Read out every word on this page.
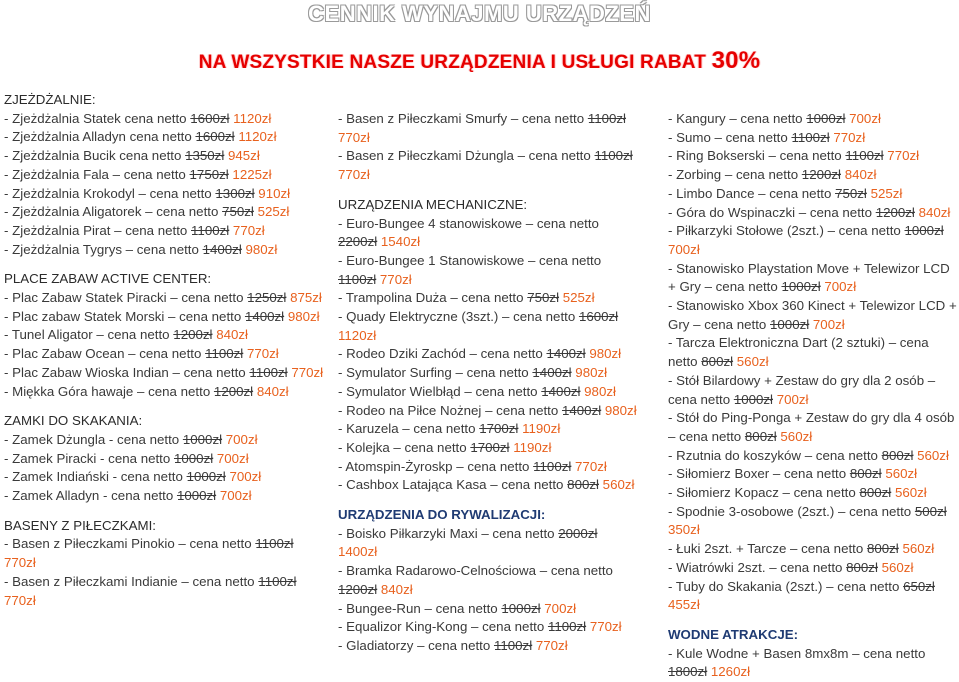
CENNIK WYNAJMU URZĄDZEŃ
NA WSZYSTKIE NASZE URZĄDZENIA I USŁUGI RABAT 30%
ZJEŻDŻALNIE:
- Zjeżdżalnia Statek cena netto 1600zł 1120zł
- Zjeżdżalnia Alladyn cena netto 1600zł 1120zł
- Zjeżdżalnia Bucik cena netto 1350zł 945zł
- Zjeżdżalnia Fala – cena netto 1750zł 1225zł
- Zjeżdżalnia Krokodyl – cena netto 1300zł 910zł
- Zjeżdżalnia Aligatorek – cena netto 750zł 525zł
- Zjeżdżalnia Pirat – cena netto 1100zł 770zł
- Zjeżdżalnia Tygrys – cena netto 1400zł 980zł
PLACE ZABAW ACTIVE CENTER:
- Plac Zabaw Statek Piracki – cena netto 1250zł 875zł
- Plac zabaw Statek Morski – cena netto 1400zł 980zł
- Tunel Aligator – cena netto 1200zł 840zł
- Plac Zabaw Ocean – cena netto 1100zł 770zł
- Plac Zabaw Wioska Indian – cena netto 1100zł 770zł
- Miękka Góra hawaje – cena netto 1200zł 840zł
ZAMKI DO SKAKANIA:
- Zamek Dżungla - cena netto 1000zł 700zł
- Zamek Piracki - cena netto 1000zł 700zł
- Zamek Indiański - cena netto 1000zł 700zł
- Zamek Alladyn - cena netto 1000zł 700zł
BASENY Z PIŁECZKAMI:
- Basen z Piłeczkami Pinokio – cena netto 1100zł 770zł
- Basen z Piłeczkami Indianie – cena netto 1100zł 770zł
- Basen z Piłeczkami Smurfy – cena netto 1100zł 770zł
- Basen z Piłeczkami Dżungla – cena netto 1100zł 770zł
URZĄDZENIA MECHANICZNE:
- Euro-Bungee 4 stanowiskowe – cena netto 2200zł 1540zł
- Euro-Bungee 1 Stanowiskowe – cena netto 1100zł 770zł
- Trampolina Duża – cena netto 750zł 525zł
- Quady Elektryczne (3szt.) – cena netto 1600zł 1120zł
- Rodeo Dziki Zachód – cena netto 1400zł 980zł
- Symulator Surfing – cena netto 1400zł 980zł
- Symulator Wielbłąd – cena netto 1400zł 980zł
- Rodeo na Piłce Nożnej – cena netto 1400zł 980zł
- Karuzela – cena netto 1700zł 1190zł
- Kolejka – cena netto 1700zł 1190zł
- Atomspin-Żyroskp – cena netto 1100zł 770zł
- Cashbox Latająca Kasa – cena netto 800zł 560zł
URZĄDZENIA DO RYWALIZACJI:
- Boisko Piłkarzyki Maxi – cena netto 2000zł 1400zł
- Bramka Radarowo-Celnościowa – cena netto 1200zł 840zł
- Bungee-Run – cena netto 1000zł 700zł
- Equalizor King-Kong – cena netto 1100zł 770zł
- Gladiatorzy – cena netto 1100zł 770zł
- Kangury – cena netto 1000zł 700zł
- Sumo – cena netto 1100zł 770zł
- Ring Bokserski – cena netto 1100zł 770zł
- Zorbing – cena netto 1200zł 840zł
- Limbo Dance – cena netto 750zł 525zł
- Góra do Wspinaczki – cena netto 1200zł 840zł
- Piłkarzyki Stołowe (2szt.) – cena netto 1000zł 700zł
- Stanowisko Playstation Move + Telewizor LCD + Gry – cena netto 1000zł 700zł
- Stanowisko Xbox 360 Kinect + Telewizor LCD + Gry – cena netto 1000zł 700zł
- Tarcza Elektroniczna Dart (2 sztuki) – cena netto 800zł 560zł
- Stół Bilardowy + Zestaw do gry dla 2 osób – cena netto 1000zł 700zł
- Stół do Ping-Ponga + Zestaw do gry dla 4 osób – cena netto 800zł 560zł
- Rzutnia do koszyków – cena netto 800zł 560zł
- Siłomierz Boxer – cena netto 800zł 560zł
- Siłomierz Kopacz – cena netto 800zł 560zł
- Spodnie 3-osobowe (2szt.) – cena netto 500zł 350zł
- Łuki 2szt. + Tarcze – cena netto 800zł 560zł
- Wiatrówki 2szt. – cena netto 800zł 560zł
- Tuby do Skakania (2szt.) – cena netto 650zł 455zł
WODNE ATRAKCJE:
- Kule Wodne + Basen 8mx8m – cena netto 1800zł 1260zł
